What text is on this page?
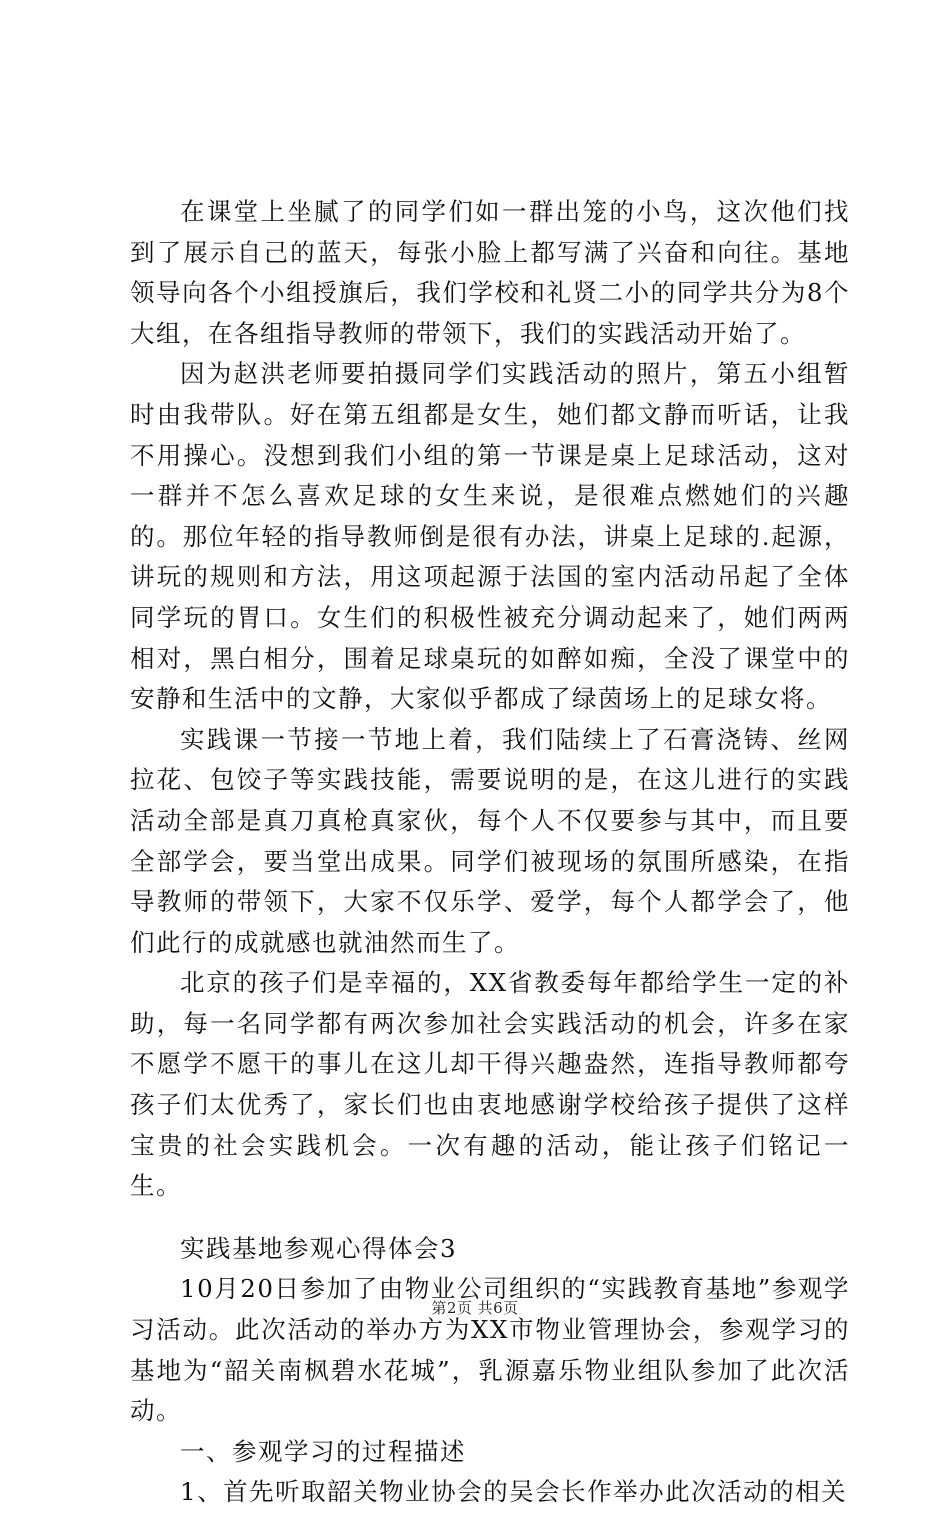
在课堂上坐腻了的同学们如一群出笼的小鸟，这次他们找到了展示自己的蓝天，每张小脸上都写满了兴奋和向往。基地领导向各个小组授旗后，我们学校和礼贤二小的同学共分为8个大组，在各组指导教师的带领下，我们的实践活动开始了。

因为赵洪老师要拍摄同学们实践活动的照片，第五小组暂时由我带队。好在第五组都是女生，她们都文静而听话，让我不用操心。没想到我们小组的第一节课是桌上足球活动，这对一群并不怎么喜欢足球的女生来说，是很难点燃她们的兴趣的。那位年轻的指导教师倒是很有办法，讲桌上足球的.起源，讲玩的规则和方法，用这项起源于法国的室内活动吊起了全体同学玩的胃口。女生们的积极性被充分调动起来了，她们两两相对，黑白相分，围着足球桌玩的如醉如痴，全没了课堂中的安静和生活中的文静，大家似乎都成了绿茵场上的足球女将。

实践课一节接一节地上着，我们陆续上了石膏浇铸、丝网拉花、包饺子等实践技能，需要说明的是，在这儿进行的实践活动全部是真刀真枪真家伙，每个人不仅要参与其中，而且要全部学会，要当堂出成果。同学们被现场的氛围所感染，在指导教师的带领下，大家不仅乐学、爱学，每个人都学会了，他们此行的成就感也就油然而生了。

北京的孩子们是幸福的，XX省教委每年都给学生一定的补助，每一名同学都有两次参加社会实践活动的机会，许多在家不愿学不愿干的事儿在这儿却干得兴趣盎然，连指导教师都夸孩子们太优秀了，家长们也由衷地感谢学校给孩子提供了这样宝贵的社会实践机会。一次有趣的活动，能让孩子们铭记一生。

实践基地参观心得体会3

10月20日参加了由物业公司组织的“实践教育基地”参观学习活动。此次活动的举办方为XX市物业管理协会，参观学习的基地为“韶关南枫碧水花城”，乳源嘉乐物业组队参加了此次活动。

一、参观学习的过程描述

1、首先听取韶关物业协会的吴会长作举办此次活动的相关

第2页 共6页
